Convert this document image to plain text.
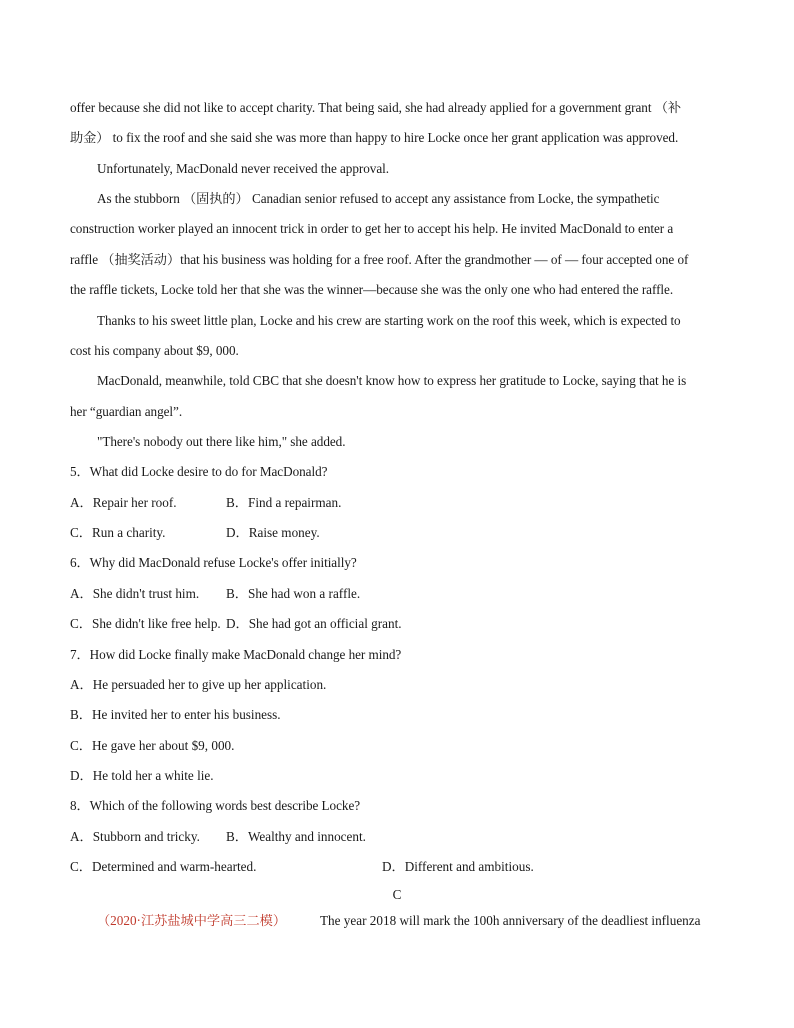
offer because she did not like to accept charity. That being said, she had already applied for a government grant （补
助金） to fix the roof and she said she was more than happy to hire Locke once her grant application was approved.
Unfortunately, MacDonald never received the approval.
As the stubborn （固执的） Canadian senior refused to accept any assistance from Locke, the sympathetic
construction worker played an innocent trick in order to get her to accept his help. He invited MacDonald to enter a
raffle （抽奖活动）that his business was holding for a free roof. After the grandmother — of — four accepted one of
the raffle tickets, Locke told her that she was the winner—because she was the only one who had entered the raffle.
Thanks to his sweet little plan, Locke and his crew are starting work on the roof this week, which is expected to
cost his company about $9, 000.
MacDonald, meanwhile, told CBC that she doesn't know how to express her gratitude to Locke, saying that he is
her “guardian angel”.
"There's nobody out there like him," she added.
5．What did Locke desire to do for MacDonald?
A．Repair her roof.	B．Find a repairman.
C．Run a charity.	D．Raise money.
6．Why did MacDonald refuse Locke's offer initially?
A．She didn't trust him. B．She had won a raffle.
C．She didn't like free help. D．She had got an official grant.
7．How did Locke finally make MacDonald change her mind?
A．He persuaded her to give up her application.
B．He invited her to enter his business.
C．He gave her about $9, 000.
D．He told her a white lie.
8．Which of the following words best describe Locke?
A．Stubborn and tricky. B．Wealthy and innocent.
C．Determined and warm-hearted.	D．Different and ambitious.
C
（2020·江苏盐城中学高三二模）	The year 2018 will mark the 100h anniversary of the deadliest influenza
